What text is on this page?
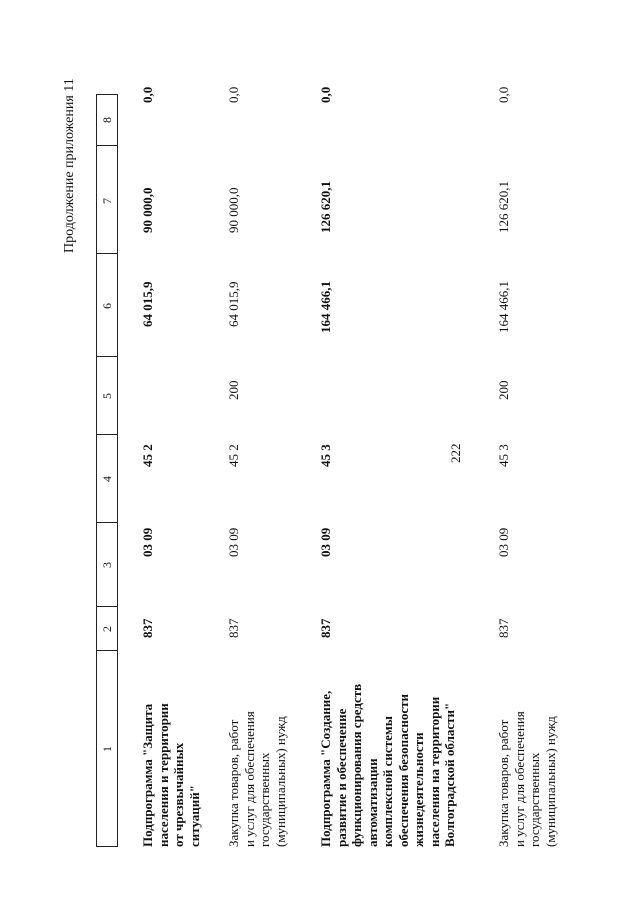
222
Продолжение приложения 11
1
2
3
4
5
6
7
8
Подпрограмма "Защита населения и территории от чрезвычайных ситуаций"
837
03 09
45 2
64 015,9
90 000,0
0,0
Закупка товаров, работ и услуг для обеспечения государственных (муниципальных) нужд
837
03 09
45 2
200
64 015,9
90 000,0
0,0
Подпрограмма "Создание, развитие и обеспечение функционирования средств автоматизации комплексной системы обеспечения безопасности жизнедеятельности населения на территории Волгоградской области"
837
03 09
45 3
164 466,1
126 620,1
0,0
Закупка товаров, работ и услуг для обеспечения государственных (муниципальных) нужд
837
03 09
45 3
200
164 466,1
126 620,1
0,0
